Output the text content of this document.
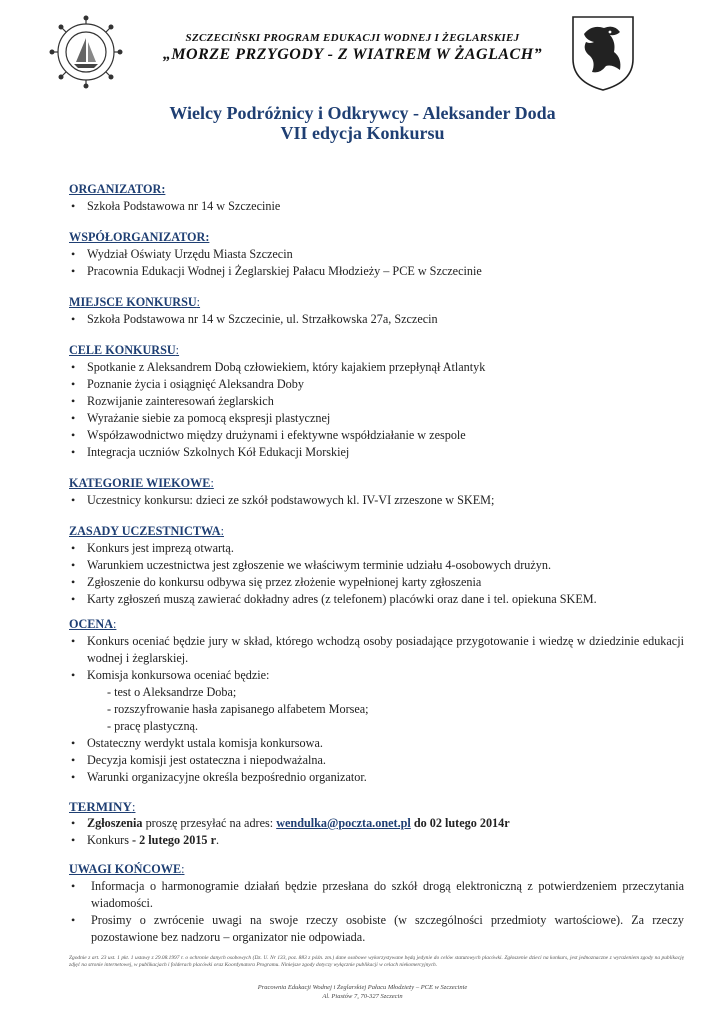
SZCZECIŃSKI PROGRAM EDUKACJI WODNEJ I ŻEGLARSKIEJ
„MORZE PRZYGODY - Z WIATREM W ŻAGLACH”
Wielcy Podróżnicy i Odkrywcy - Aleksander Doda
VII edycja Konkursu

ORGANIZATOR:

• Szkoła Podstawowa nr 14 w Szczecinie

WSPÓŁORGANIZATOR:

• Wydział Oświaty Urzędu Miasta Szczecin
• Pracownia Edukacji Wodnej i Żeglarskiej Pałacu Młodzieży – PCE w Szczecinie

MIEJSCE KONKURSU:

• Szkoła Podstawowa nr 14 w Szczecinie, ul. Strzałkowska 27a, Szczecin

CELE KONKURSU:

• Spotkanie z Aleksandrem Dobą człowiekiem, który kajakiem przepłynął Atlantyk
• Poznanie życia i osiągnięć Aleksandra Doby
• Rozwijanie zainteresowań żeglarskich
• Wyrażanie siebie za pomocą ekspresji plastycznej
• Współzawodnictwo między drużynami i efektywne współdziałanie w zespole
• Integracja uczniów Szkolnych Kół Edukacji Morskiej

KATEGORIE WIEKOWE:

• Uczestnicy konkursu: dzieci ze szkół podstawowych kl. IV-VI zrzeszone w SKEM;

ZASADY UCZESTNICTWA:

• Konkurs jest imprezą otwartą.
• Warunkiem uczestnictwa jest zgłoszenie we właściwym terminie udziału 4-osobowych drużyn.
• Zgłoszenie do konkursu odbywa się przez złożenie wypełnionej karty zgłoszenia
• Karty zgłoszeń muszą zawierać dokładny adres (z telefonem) placówki oraz dane i tel. opiekuna SKEM.

OCENA:

• Konkurs oceniać będzie jury w skład, którego wchodzą osoby posiadające przygotowanie i wiedzę w dziedzinie edukacji wodnej i żeglarskiej.
• Komisja konkursowa oceniać będzie:
- test o Aleksandrze Doba;
- rozszyfrowanie hasła zapisanego alfabetem Morsea;
- pracę plastyczną.
• Ostateczny werdykt ustala komisja konkursowa.
• Decyzja komisji jest ostateczna i niepodważalna.
• Warunki organizacyjne określa bezpośrednio organizator.

TERMINY:

• Zgłoszenia proszę przesyłać na adres: wendulka@poczta.onet.pl do 02 lutego 2014r
• Konkurs - 2 lutego 2015 r.

UWAGI KOŃCOWE:

• Informacja o harmonogramie działań będzie przesłana do szkół drogą elektroniczną z potwierdzeniem przeczytania wiadomości.
• Prosimy o zwrócenie uwagi na swoje rzeczy osobiste (w szczególności przedmioty wartościowe). Za rzeczy pozostawione bez nadzoru – organizator nie odpowiada.
Zgodnie z art. 23 ust. 1 pkt. 1 ustawy z 29.08.1997 r. o ochronie danych osobowych (Dz. U. Nr 133, poz. 883 z późn. zm.) dane osobowe wykorzystywane będą jedynie do celów statutowych placówki. Zgłoszenie dzieci na konkurs, jest jednoznaczne z wyrażeniem zgody na publikację zdjęć na stronie internetowej, w publikacjach i folderach placówki oraz Koordynatora Programu. Niniejsze zgody dotyczy wyłącznie publikacji w celach niekomercyjnych.
Pracownia Edukacji Wodnej i Żeglarskiej Pałacu Młodzieży – PCE w Szczecinie
Al. Piastów 7, 70-327 Szczecin
